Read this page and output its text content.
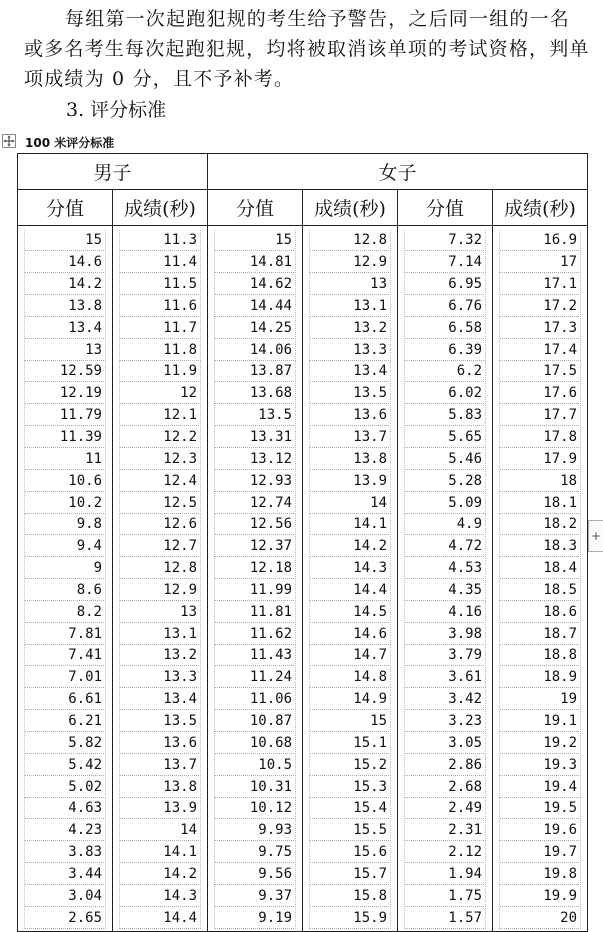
每组第一次起跑犯规的考生给予警告，之后同一组的一名或多名考生每次起跑犯规，均将被取消该单项的考试资格，判单项成绩为 0 分，且不予补考。
3. 评分标准
100 米评分标准
+
男子		女子			
分值	成绩(秒)	分值	成绩(秒)	分值	成绩(秒)

15	11.3	15	12.8	7.32	16.9

14.6	11.4	14.81	12.9	7.14	17

14.2	11.5	14.62	13	6.95	17.1

13.8	11.6	14.44	13.1	6.76	17.2

13.4	11.7	14.25	13.2	6.58	17.3

13	11.8	14.06	13.3	6.39	17.4

12.59	11.9	13.87	13.4	6.2	17.5

12.19	12	13.68	13.5	6.02	17.6

11.79	12.1	13.5	13.6	5.83	17.7

11.39	12.2	13.31	13.7	5.65	17.8

11	12.3	13.12	13.8	5.46	17.9

10.6	12.4	12.93	13.9	5.28	18

10.2	12.5	12.74	14	5.09	18.1

9.8	12.6	12.56	14.1	4.9	18.2

9.4	12.7	12.37	14.2	4.72	18.3

9	12.8	12.18	14.3	4.53	18.4

8.6	12.9	11.99	14.4	4.35	18.5

8.2	13	11.81	14.5	4.16	18.6

7.81	13.1	11.62	14.6	3.98	18.7

7.41	13.2	11.43	14.7	3.79	18.8

7.01	13.3	11.24	14.8	3.61	18.9

6.61	13.4	11.06	14.9	3.42	19

6.21	13.5	10.87	15	3.23	19.1

5.82	13.6	10.68	15.1	3.05	19.2

5.42	13.7	10.5	15.2	2.86	19.3

5.02	13.8	10.31	15.3	2.68	19.4

4.63	13.9	10.12	15.4	2.49	19.5

4.23	14	9.93	15.5	2.31	19.6

3.83	14.1	9.75	15.6	2.12	19.7

3.44	14.2	9.56	15.7	1.94	19.8

3.04	14.3	9.37	15.8	1.75	19.9

2.65	14.4	9.19	15.9	1.57	20
